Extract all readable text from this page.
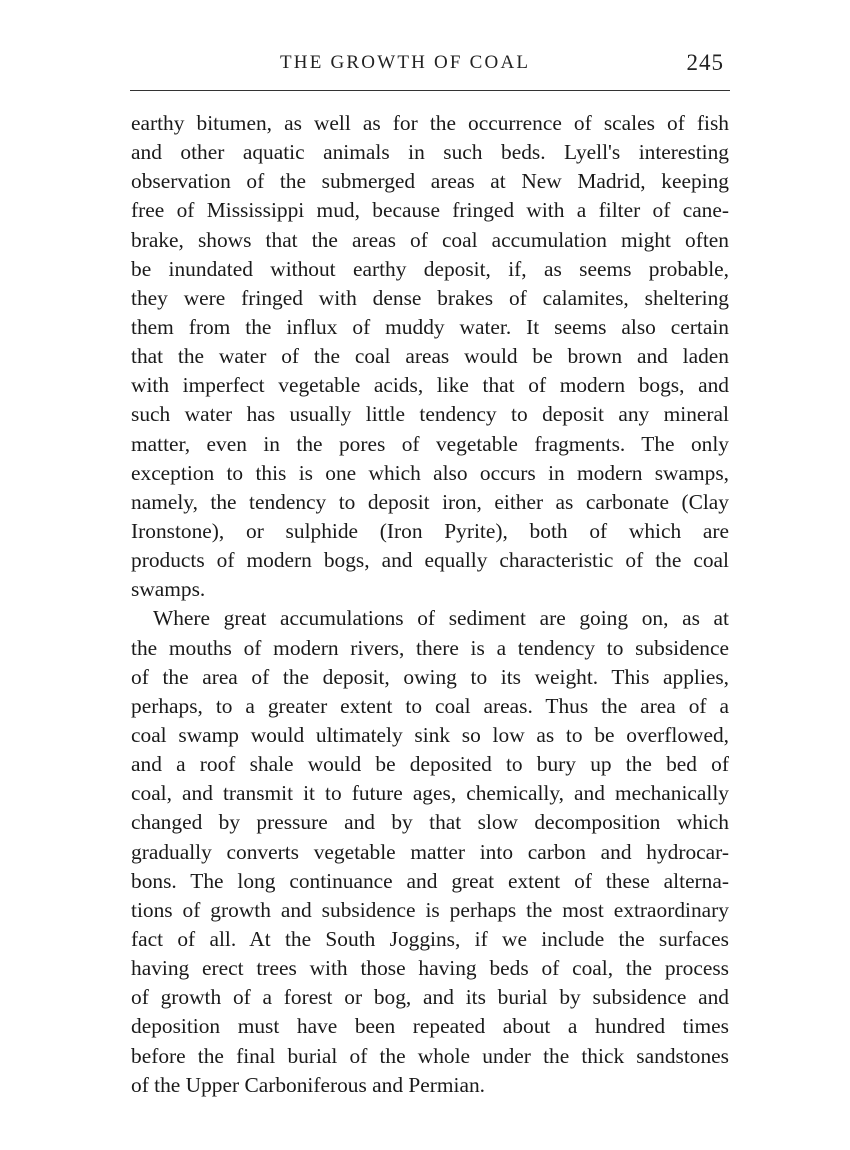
THE GROWTH OF COAL	245
earthy bitumen, as well as for the occurrence of scales of fish
and other aquatic animals in such beds. Lyell's interesting
observation of the submerged areas at New Madrid, keeping
free of Mississippi mud, because fringed with a filter of cane-
brake, shows that the areas of coal accumulation might often
be inundated without earthy deposit, if, as seems probable,
they were fringed with dense brakes of calamites, sheltering
them from the influx of muddy water. It seems also certain
that the water of the coal areas would be brown and laden
with imperfect vegetable acids, like that of modern bogs, and
such water has usually little tendency to deposit any mineral
matter, even in the pores of vegetable fragments. The only
exception to this is one which also occurs in modern swamps,
namely, the tendency to deposit iron, either as carbonate (Clay
Ironstone), or sulphide (Iron Pyrite), both of which are
products of modern bogs, and equally characteristic of the coal
swamps.
Where great accumulations of sediment are going on, as at
the mouths of modern rivers, there is a tendency to subsidence
of the area of the deposit, owing to its weight. This applies,
perhaps, to a greater extent to coal areas. Thus the area of a
coal swamp would ultimately sink so low as to be overflowed,
and a roof shale would be deposited to bury up the bed of
coal, and transmit it to future ages, chemically, and mechanically
changed by pressure and by that slow decomposition which
gradually converts vegetable matter into carbon and hydrocar-
bons. The long continuance and great extent of these alterna-
tions of growth and subsidence is perhaps the most extraordinary
fact of all. At the South Joggins, if we include the surfaces
having erect trees with those having beds of coal, the process
of growth of a forest or bog, and its burial by subsidence and
deposition must have been repeated about a hundred times
before the final burial of the whole under the thick sandstones
of the Upper Carboniferous and Permian.
